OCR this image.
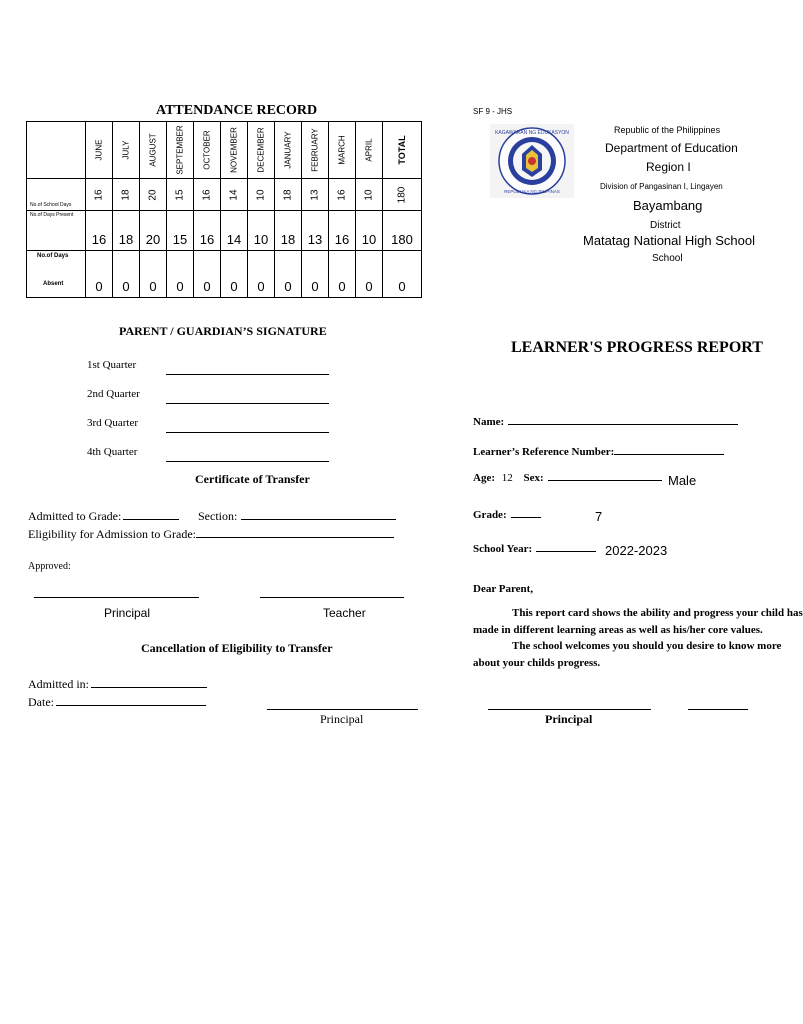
ATTENDANCE RECORD

	JUNE	JULY	AUGUST	SEPTEMBER	OCTOBER	NOVEMBER	DECEMBER	JANUARY	FEBRUARY	MARCH	APRIL	TOTAL

No.of School Days	16	18	20	15	16	14	10	18	13	16	10	180

No.of Days Present	16	18	20	15	16	14	10	18	13	16	10	180

No.of Days
Absent	0	0	0	0	0	0	0	0	0	0	0	0
PARENT / GUARDIAN’S SIGNATURE
1st Quarter
2nd Quarter
3rd Quarter
4th Quarter
Certificate of Transfer
Admitted to Grade:	Section:
Eligibility for Admission to Grade:
Approved:
Principal	Teacher
Cancellation of Eligibility to Transfer
Admitted in:
Date:
Principal
SF 9 - JHS
KAGAWARAN NG EDUKASYON
REPUBLIKA NG PILIPINAS
Republic of the Philippines
Department of Education
Region I
Division of Pangasinan I, Lingayen
Bayambang
District
Matatag National High School
School
LEARNER'S PROGRESS REPORT
Name:
Learner’s Reference Number:
Age: 12 Sex:	Male
Grade:	7
School Year:	2022-2023
Dear Parent,
This report card shows the ability and progress your child has
made in different learning areas as well as his/her core values.
The school welcomes you should you desire to know more
about your childs progress.
Principal
